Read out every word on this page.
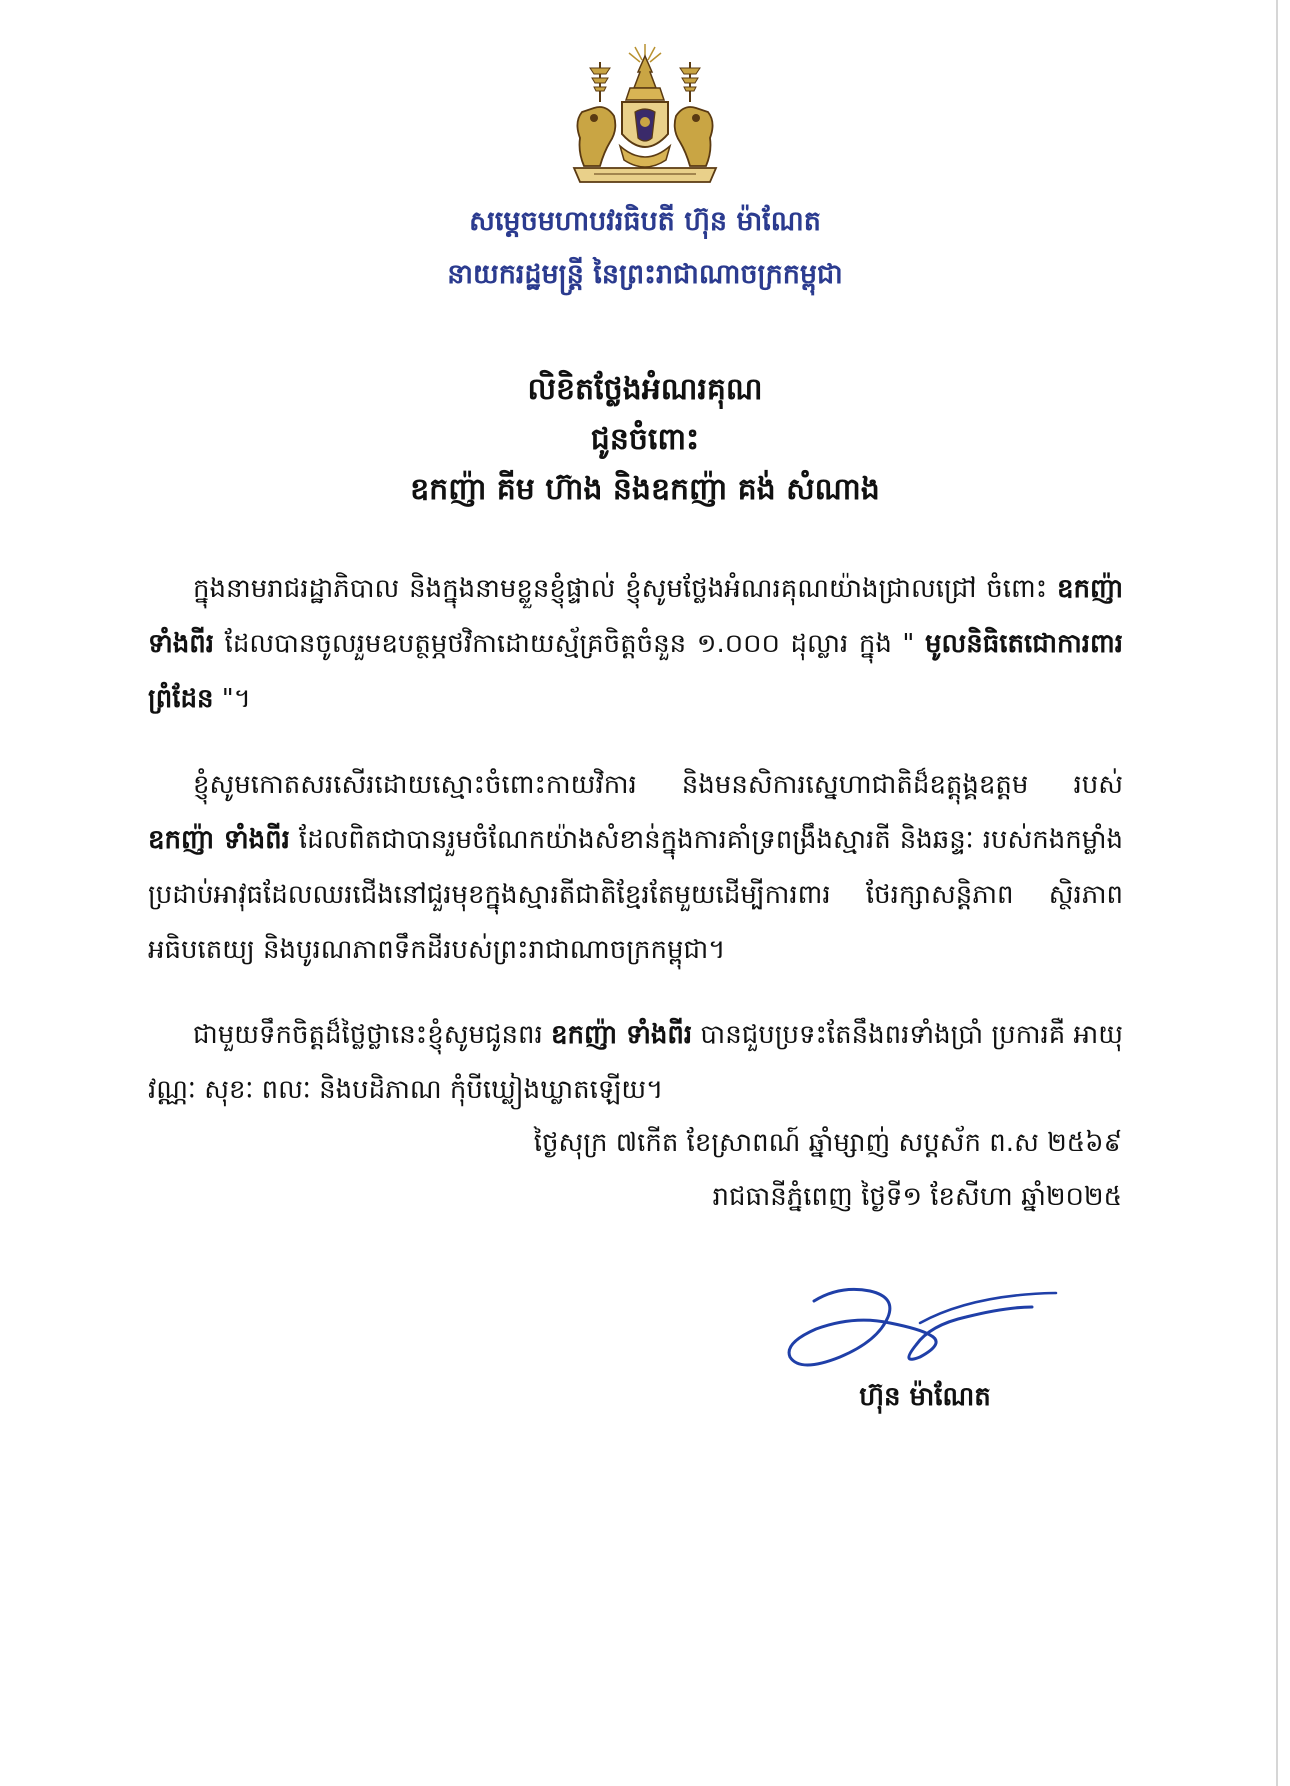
សម្ដេចមហាបវរធិបតី ហ៊ុន ម៉ាណែត
នាយករដ្ឋមន្ត្រី នៃព្រះរាជាណាចក្រកម្ពុជា
លិខិតថ្លែងអំណរគុណ
ជូនចំពោះ
ឧកញ៉ា គីម ហ៊ាង និងឧកញ៉ា គង់ សំណាង
ក្នុងនាមរាជរដ្ឋាភិបាល និងក្នុងនាមខ្លួនខ្ញុំផ្ទាល់ ខ្ញុំសូមថ្លែងអំណរគុណយ៉ាងជ្រាលជ្រៅ ចំពោះ ឧកញ៉ា ទាំងពីរ ដែលបានចូលរួមឧបត្ថម្ភថវិកាដោយស្ម័គ្រចិត្តចំនួន ១.០០០ ដុល្លារ ក្នុង " មូលនិធិតេជោការពារព្រំដែន "។
ខ្ញុំសូមកោតសរសើរដោយស្មោះចំពោះកាយវិការ និងមនសិការស្នេហាជាតិដ៏ឧត្តុង្គឧត្តម របស់ ឧកញ៉ា ទាំងពីរ ដែលពិតជាបានរួមចំណែកយ៉ាងសំខាន់ក្នុងការគាំទ្រពង្រឹងស្មារតី និងឆន្ទៈ របស់កងកម្លាំងប្រដាប់អាវុធដែលឈរជើងនៅជួរមុខក្នុងស្មារតីជាតិខ្មែរតែមួយដើម្បីការពារ ថែរក្សាសន្តិភាព ស្ថិរភាព អធិបតេយ្យ និងបូរណភាពទឹកដីរបស់ព្រះរាជាណាចក្រកម្ពុជា។
ជាមួយទឹកចិត្តដ៏ថ្លៃថ្លានេះខ្ញុំសូមជូនពរ ឧកញ៉ា ទាំងពីរ បានជួបប្រទះតែនឹងពរទាំងប្រាំ ប្រការគឺ អាយុ វណ្ណៈ សុខៈ ពលៈ និងបដិភាណ កុំបីឃ្លៀងឃ្លាតឡើយ។
ថ្ងៃសុក្រ ៧កើត ខែស្រាពណ៍ ឆ្នាំម្សាញ់ សប្តស័ក ព.ស ២៥៦៩
រាជធានីភ្នំពេញ ថ្ងៃទី១ ខែសីហា ឆ្នាំ២០២៥
ហ៊ុន ម៉ាណែត
